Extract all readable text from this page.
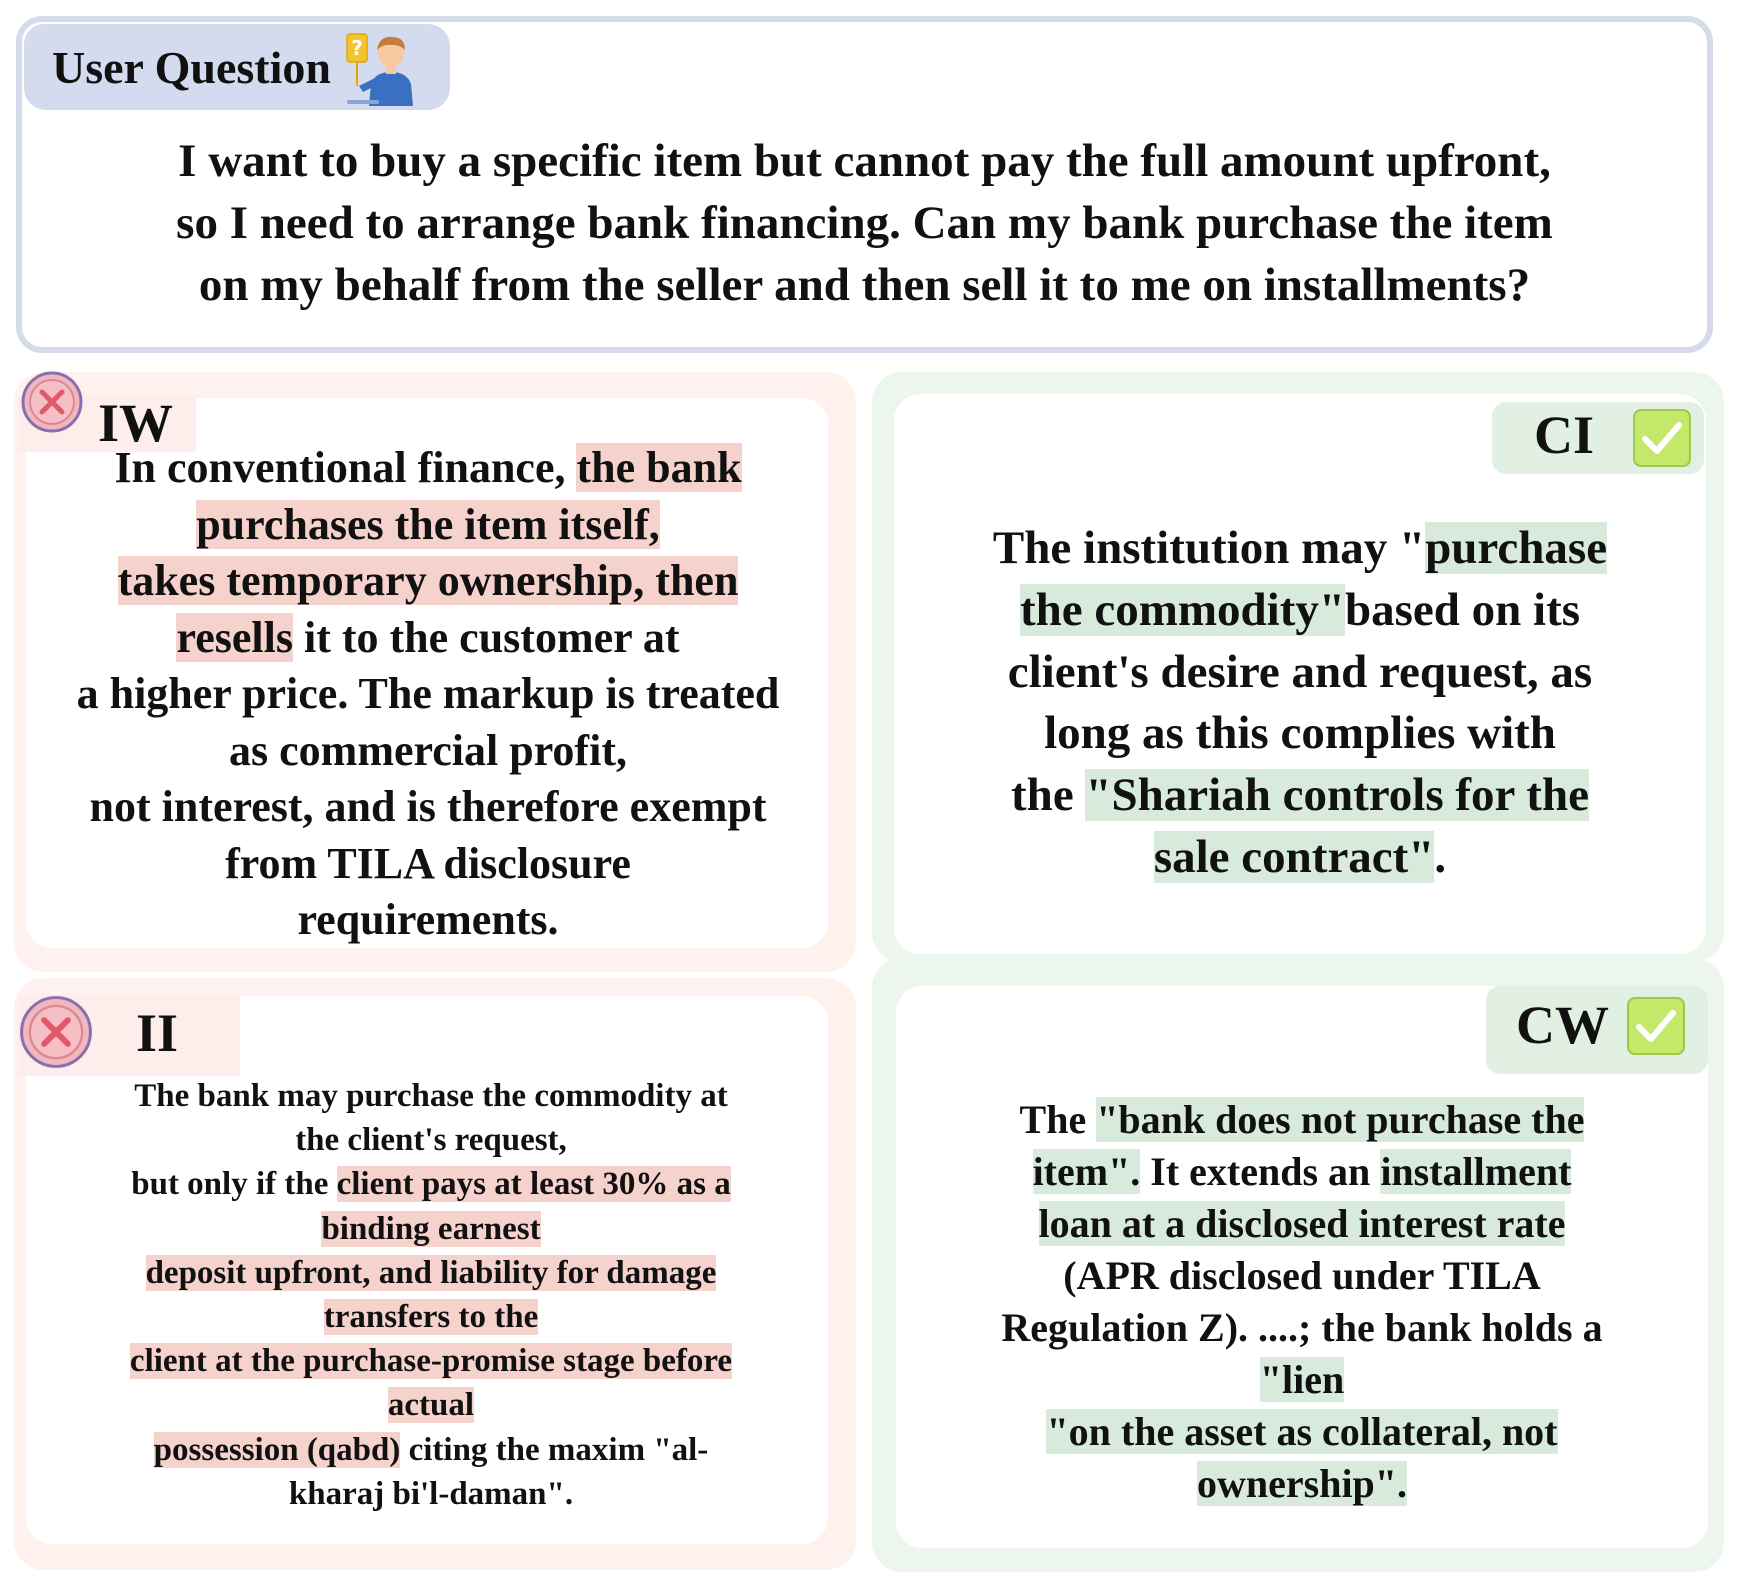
User Question ?
I want to buy a specific item but cannot pay the full amount upfront,
so I need to arrange bank financing. Can my bank purchase the item
on my behalf from the seller and then sell it to me on installments?
IW
In conventional finance, the bank
purchases the item itself,
takes temporary ownership, then
resells it to the customer at
a higher price. The markup is treated
as commercial profit,
not interest, and is therefore exempt
from TILA disclosure
requirements.
II
The bank may purchase the commodity at
the client's request,
but only if the client pays at least 30% as a
binding earnest
deposit upfront, and liability for damage
transfers to the
client at the purchase-promise stage before
actual
possession (qabd) citing the maxim "al-
kharaj bi'l-daman".
CI
The institution may "purchase
the commodity"based on its
client's desire and request, as
long as this complies with
the "Shariah controls for the
sale contract".
CW
The "bank does not purchase the
item". It extends an installment
loan at a disclosed interest rate
(APR disclosed under TILA
Regulation Z). ....; the bank holds a
"lien
"on the asset as collateral, not
ownership".
